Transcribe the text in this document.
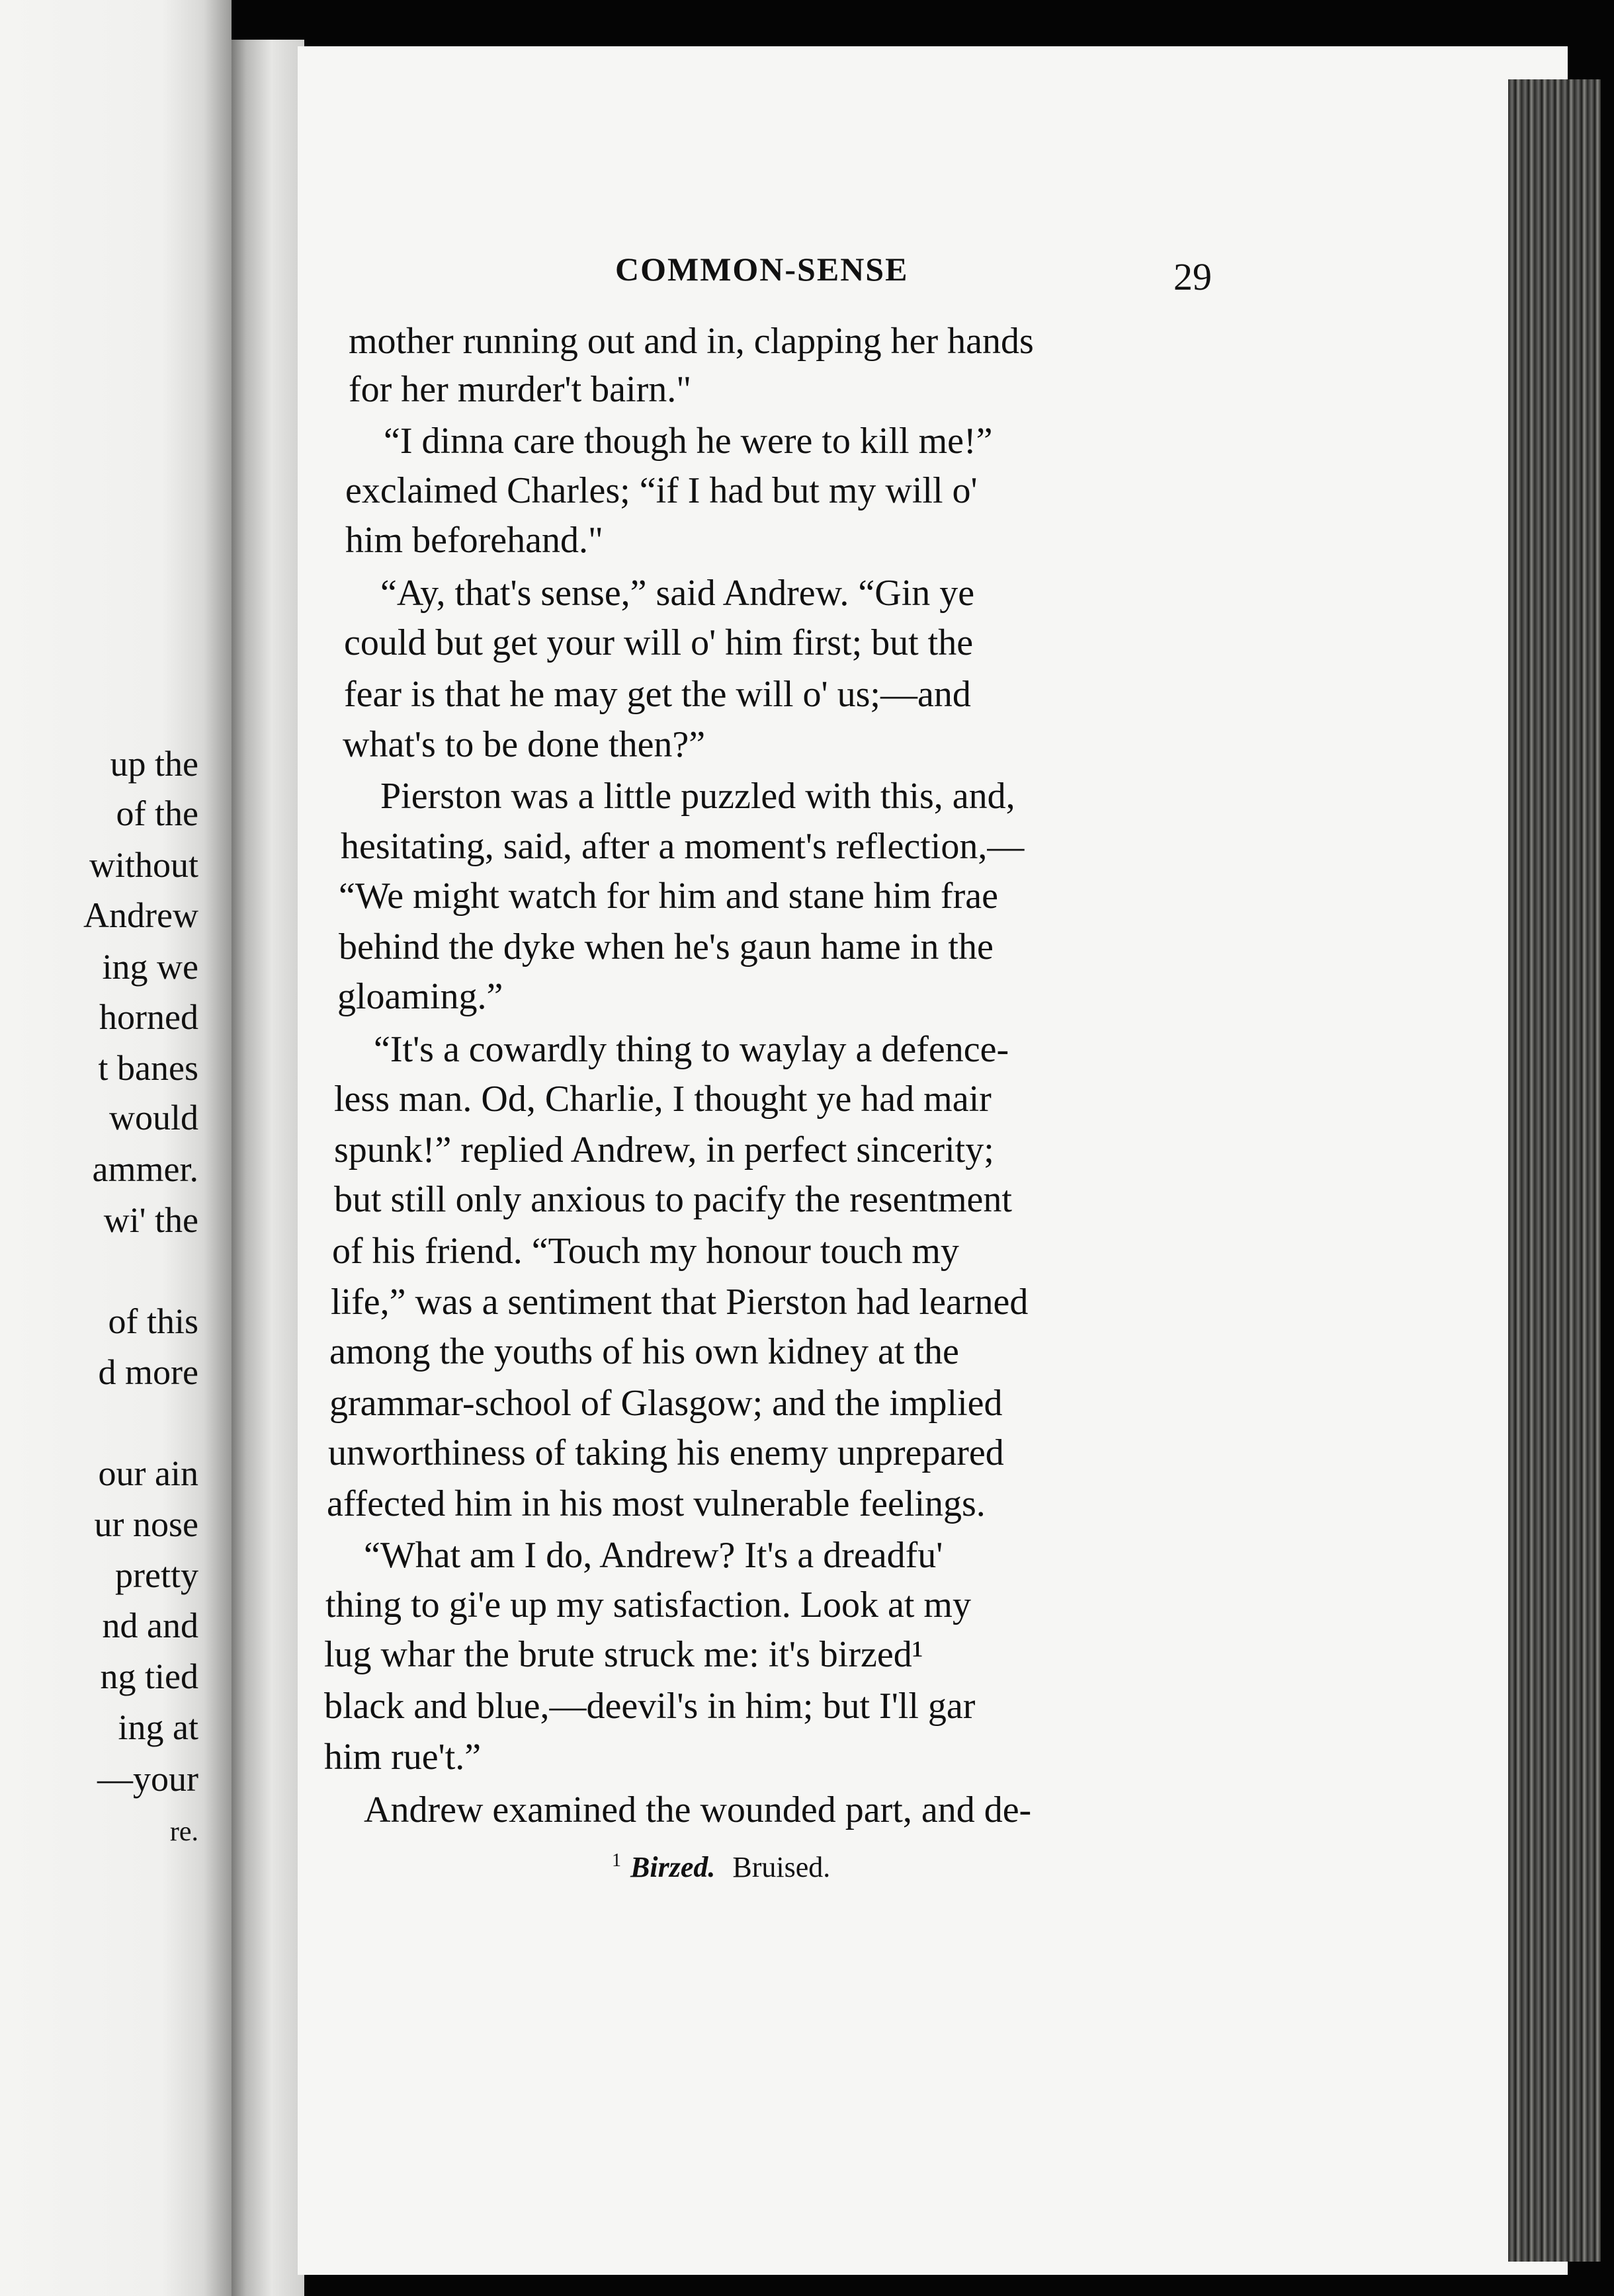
up the
of the
without
Andrew
ing we
horned
t banes
would
ammer.
wi' the
of this
d more
our ain
ur nose
pretty
nd and
ng tied
ing at
—your
re.
COMMON-SENSE	29
mother running out and in, clapping her hands
for her murder't bairn."
“I dinna care though he were to kill me!”
exclaimed Charles; “if I had but my will o'
him beforehand."
“Ay, that's sense,” said Andrew. “Gin ye
could but get your will o' him first; but the
fear is that he may get the will o' us;—and
what's to be done then?”
Pierston was a little puzzled with this, and,
hesitating, said, after a moment's reflection,—
“We might watch for him and stane him frae
behind the dyke when he's gaun hame in the
gloaming.”
“It's a cowardly thing to waylay a defence-
less man. Od, Charlie, I thought ye had mair
spunk!” replied Andrew, in perfect sincerity;
but still only anxious to pacify the resentment
of his friend. “Touch my honour touch my
life,” was a sentiment that Pierston had learned
among the youths of his own kidney at the
grammar-school of Glasgow; and the implied
unworthiness of taking his enemy unprepared
affected him in his most vulnerable feelings.
“What am I do, Andrew? It's a dreadfu'
thing to gi'e up my satisfaction. Look at my
lug whar the brute struck me: it's birzed¹
black and blue,—deevil's in him; but I'll gar
him rue't.”
Andrew examined the wounded part, and de-
$^1$ Birzed. Bruised.
